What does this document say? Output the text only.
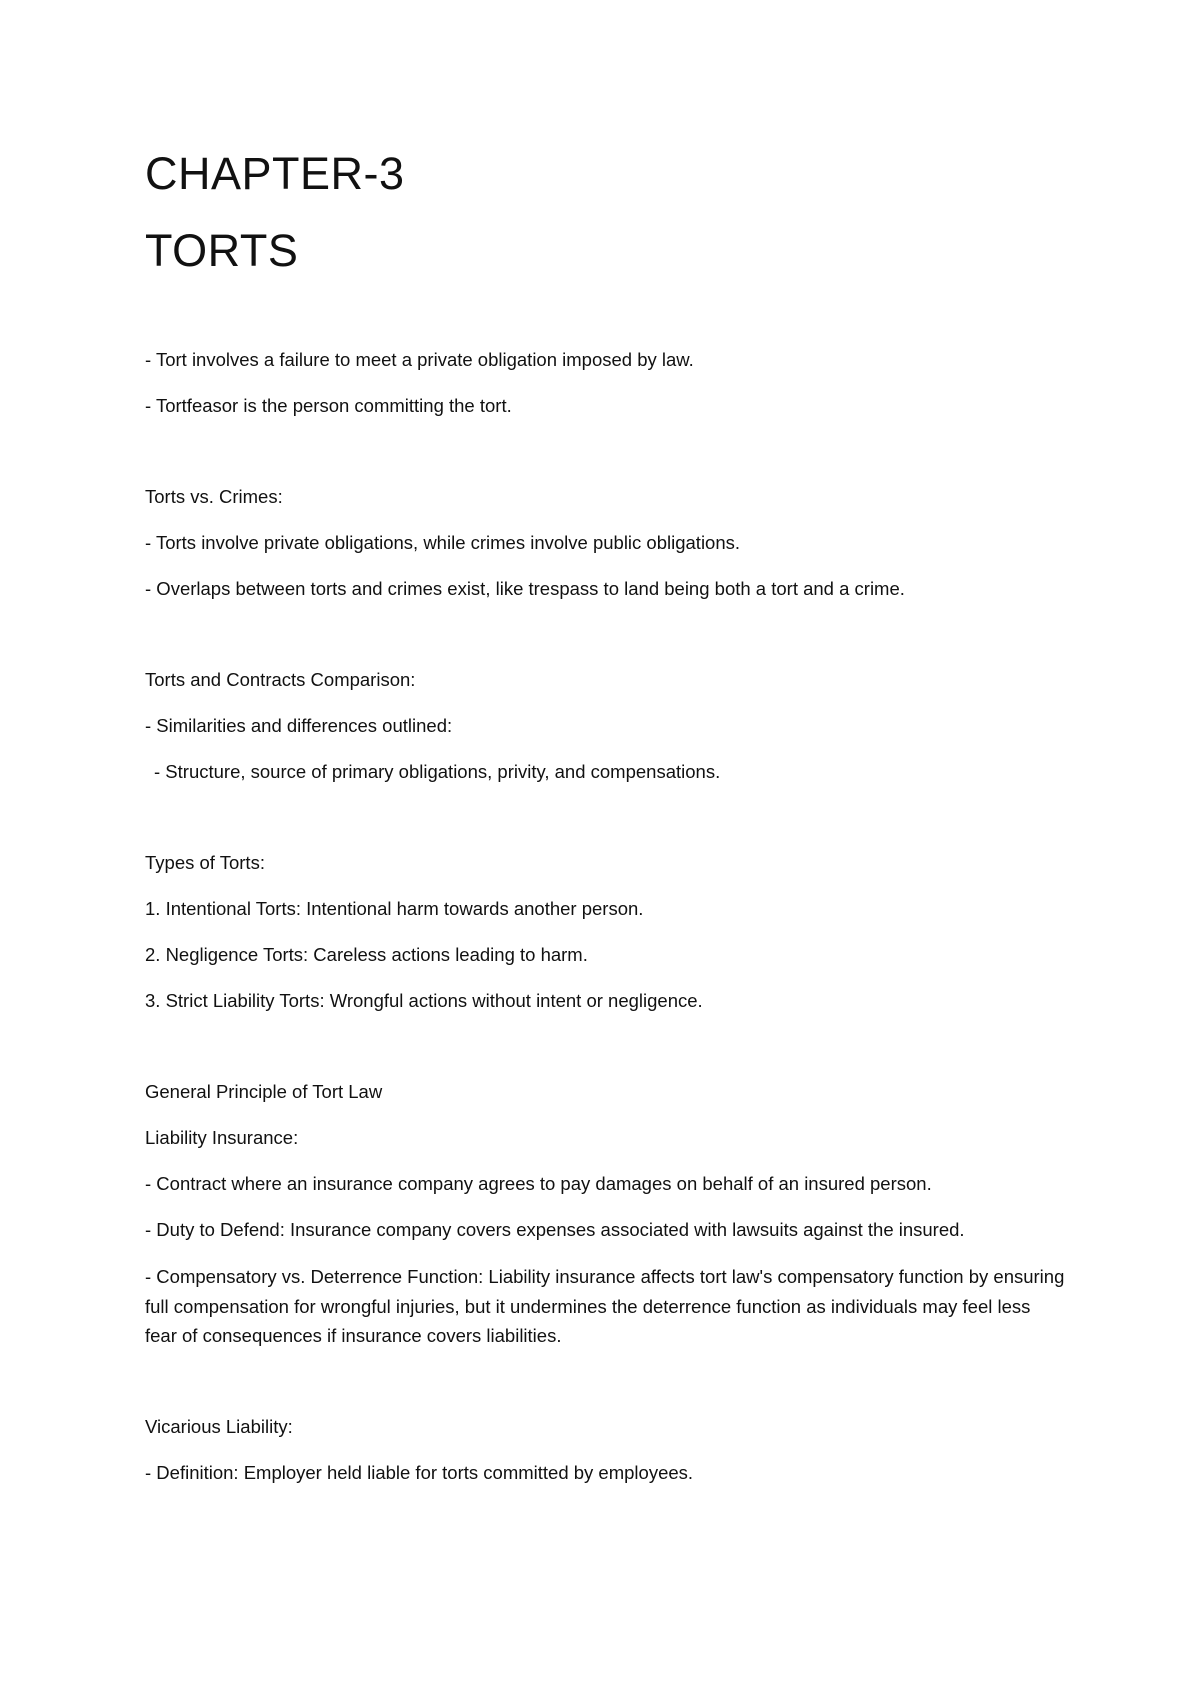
CHAPTER-3
TORTS

- Tort involves a failure to meet a private obligation imposed by law.

- Tortfeasor is the person committing the tort.

Torts vs. Crimes:

- Torts involve private obligations, while crimes involve public obligations.

- Overlaps between torts and crimes exist, like trespass to land being both a tort and a crime.

Torts and Contracts Comparison:

- Similarities and differences outlined:

- Structure, source of primary obligations, privity, and compensations.

Types of Torts:

1. Intentional Torts: Intentional harm towards another person.

2. Negligence Torts: Careless actions leading to harm.

3. Strict Liability Torts: Wrongful actions without intent or negligence.

General Principle of Tort Law

Liability Insurance:

- Contract where an insurance company agrees to pay damages on behalf of an insured person.

- Duty to Defend: Insurance company covers expenses associated with lawsuits against the insured.

- Compensatory vs. Deterrence Function: Liability insurance affects tort law's compensatory function by ensuring full compensation for wrongful injuries, but it undermines the deterrence function as individuals may feel less fear of consequences if insurance covers liabilities.

Vicarious Liability:

- Definition: Employer held liable for torts committed by employees.
